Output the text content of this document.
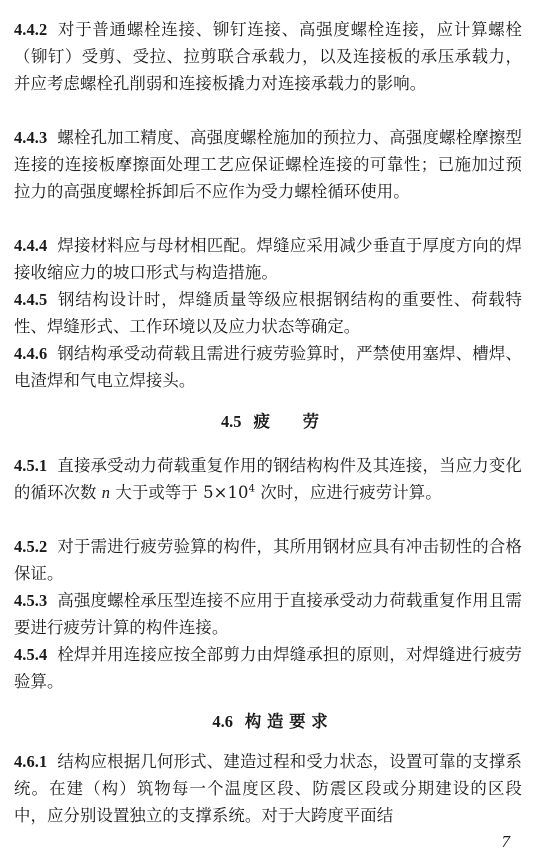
4.4.2 对于普通螺栓连接、铆钉连接、高强度螺栓连接，应计算螺栓（铆钉）受剪、受拉、拉剪联合承载力，以及连接板的承压承载力，并应考虑螺栓孔削弱和连接板撬力对连接承载力的影响。

4.4.3 螺栓孔加工精度、高强度螺栓施加的预拉力、高强度螺栓摩擦型连接的连接板摩擦面处理工艺应保证螺栓连接的可靠性；已施加过预拉力的高强度螺栓拆卸后不应作为受力螺栓循环使用。

4.4.4 焊接材料应与母材相匹配。焊缝应采用减少垂直于厚度方向的焊接收缩应力的坡口形式与构造措施。

4.4.5 钢结构设计时，焊缝质量等级应根据钢结构的重要性、荷载特性、焊缝形式、工作环境以及应力状态等确定。

4.4.6 钢结构承受动荷载且需进行疲劳验算时，严禁使用塞焊、槽焊、电渣焊和气电立焊接头。

4.5 疲　　劳

4.5.1 直接承受动力荷载重复作用的钢结构构件及其连接，当应力变化的循环次数 n 大于或等于 $5\times 10^4$ 次时，应进行疲劳计算。

4.5.2 对于需进行疲劳验算的构件，其所用钢材应具有冲击韧性的合格保证。

4.5.3 高强度螺栓承压型连接不应用于直接承受动力荷载重复作用且需要进行疲劳计算的构件连接。

4.5.4 栓焊并用连接应按全部剪力由焊缝承担的原则，对焊缝进行疲劳验算。

4.6 构 造 要 求

4.6.1 结构应根据几何形式、建造过程和受力状态，设置可靠的支撑系统。在建（构）筑物每一个温度区段、防震区段或分期建设的区段中，应分别设置独立的支撑系统。对于大跨度平面结

7
